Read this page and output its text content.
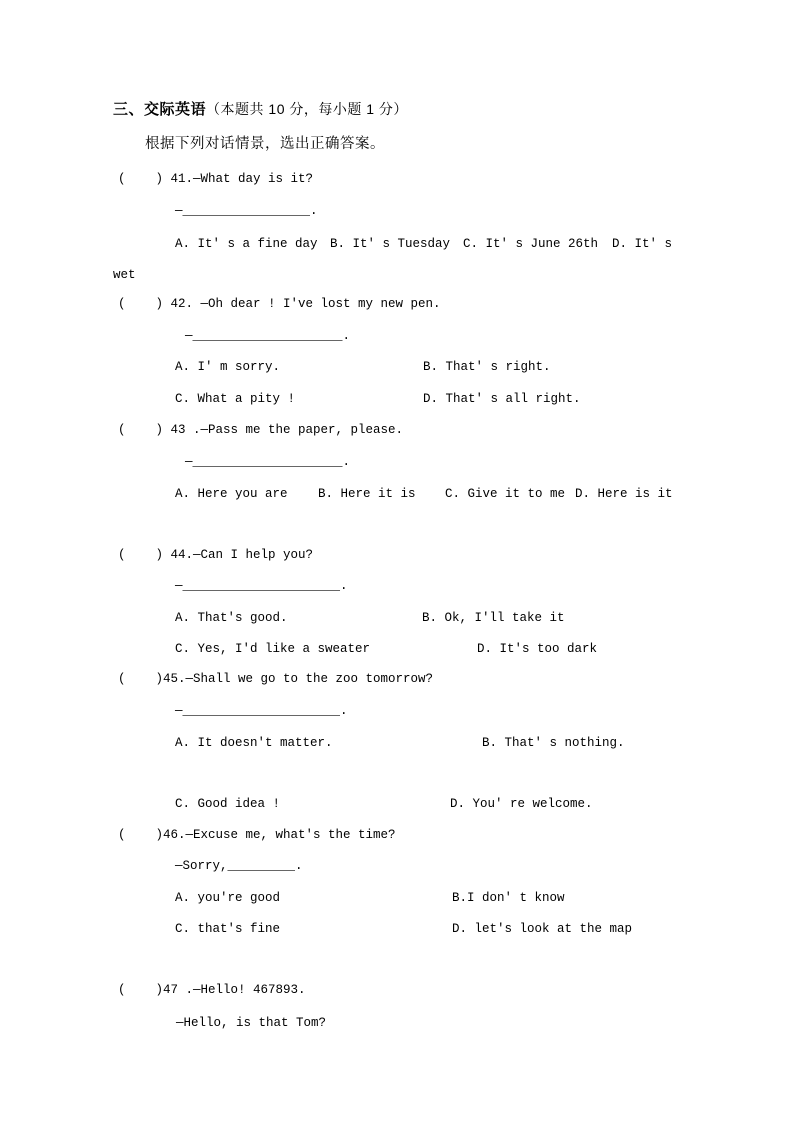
三、交际英语（本题共 10 分，每小题 1 分）
根据下列对话情景，选出正确答案。
(    ) 41.—What day is it?
—_________________.
A. It' s a fine day B. It' s Tuesday C. It' s June 26th D. It' s
wet
(    ) 42. —Oh dear ! I've lost my new pen.
—____________________.
A. I' m sorry.	B. That' s right.
C. What a pity !	D. That' s all right.
(    ) 43 .—Pass me the paper, please.
—____________________.
A. Here you are B. Here it is C. Give it to me D. Here is it
(    ) 44.—Can I help you?
—_____________________.
A. That's good.	B. Ok, I'll take it
C. Yes, I'd like a sweater	D. It's too dark
(    )45.—Shall we go to the zoo tomorrow?
—_____________________.
A. It doesn't matter.	B. That' s nothing.
C. Good idea !	D. You' re welcome.
(    )46.—Excuse me, what's the time?
—Sorry,_________.
A. you're good	B.I don' t know
C. that's fine	D. let's look at the map
(    )47 .—Hello! 467893.
—Hello, is that Tom?
